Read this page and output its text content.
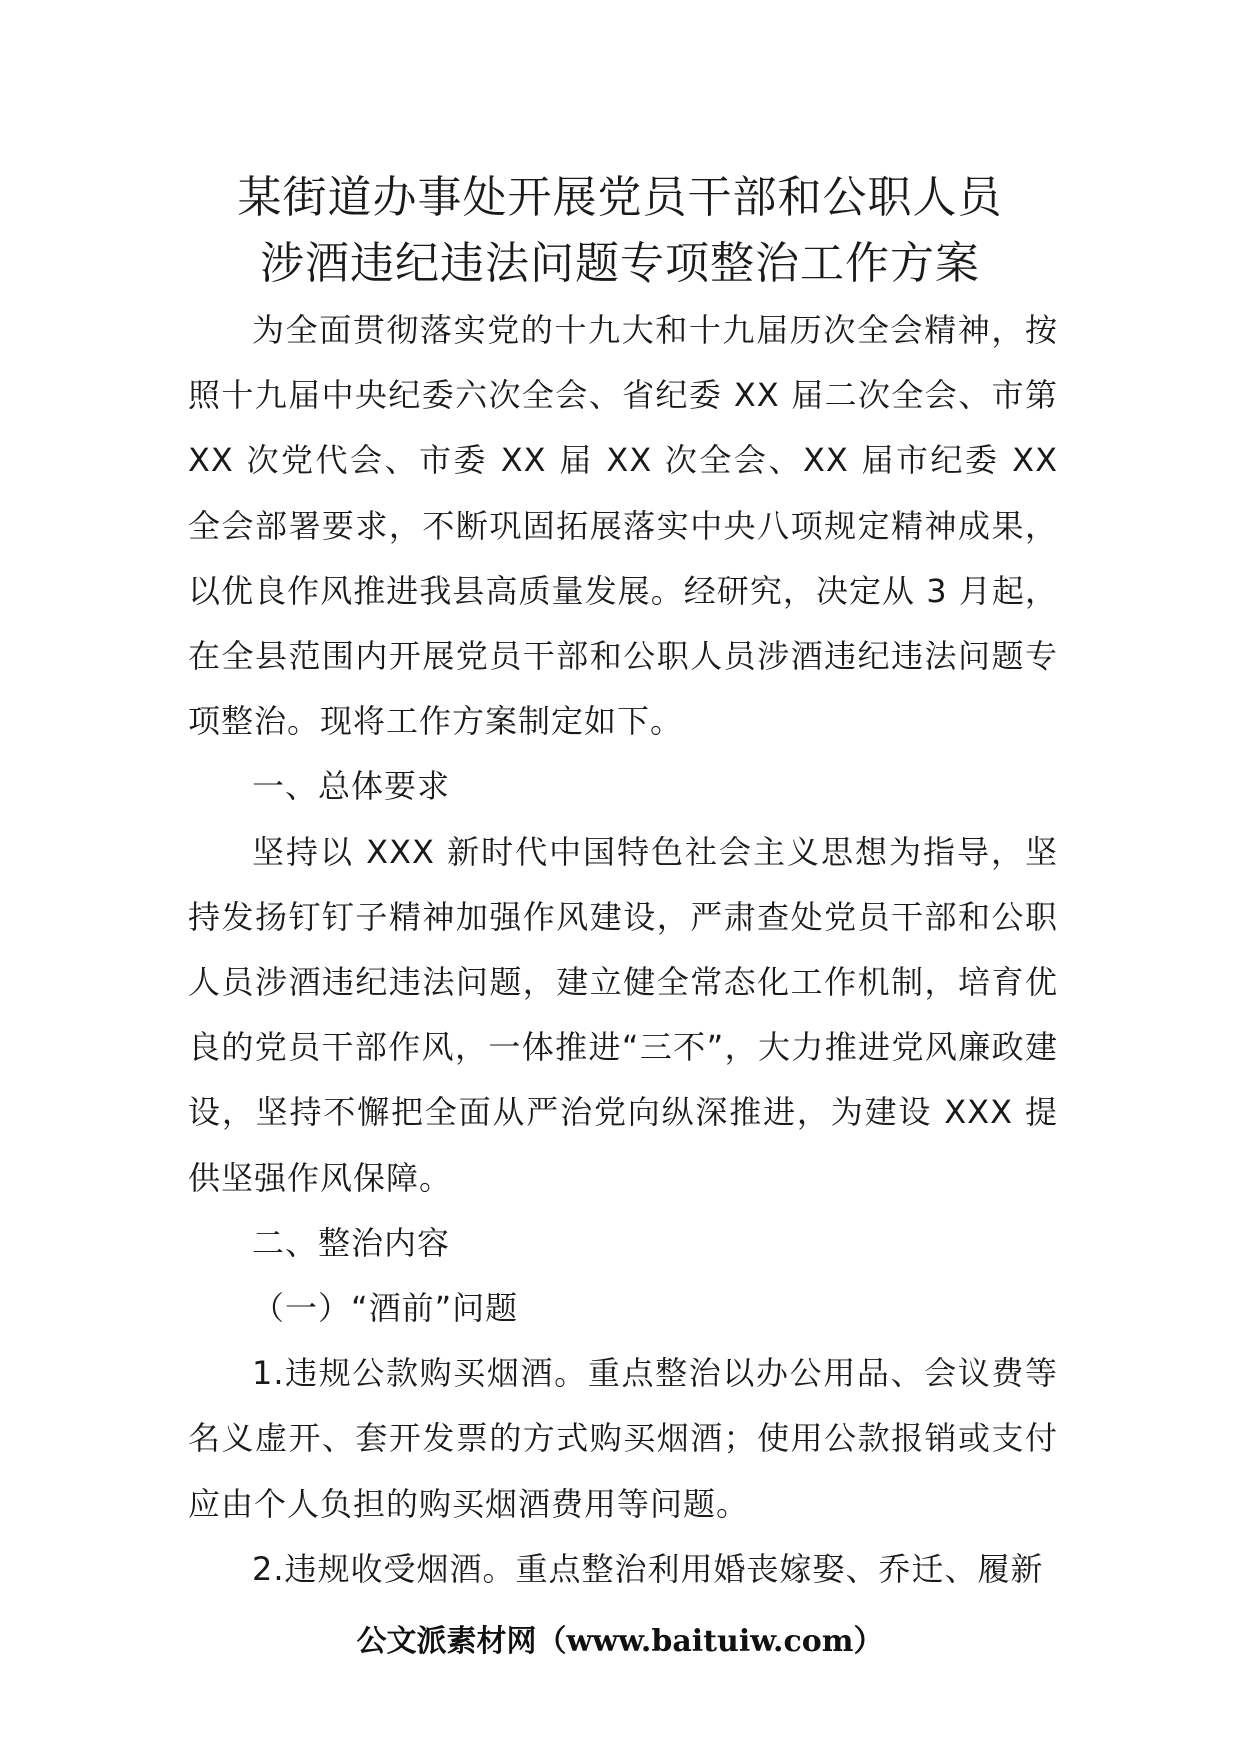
某街道办事处开展党员干部和公职人员
涉酒违纪违法问题专项整治工作方案

为全面贯彻落实党的十九大和十九届历次全会精神，按照十九届中央纪委六次全会、省纪委 XX 届二次全会、市第 XX 次党代会、市委 XX 届 XX 次全会、XX 届市纪委 XX 全会部署要求，不断巩固拓展落实中央八项规定精神成果，以优良作风推进我县高质量发展。经研究，决定从 3 月起，在全县范围内开展党员干部和公职人员涉酒违纪违法问题专项整治。现将工作方案制定如下。

一、总体要求

坚持以 XXX 新时代中国特色社会主义思想为指导，坚持发扬钉钉子精神加强作风建设，严肃查处党员干部和公职人员涉酒违纪违法问题，建立健全常态化工作机制，培育优良的党员干部作风，一体推进“三不”，大力推进党风廉政建设，坚持不懈把全面从严治党向纵深推进，为建设 XXX 提供坚强作风保障。

二、整治内容

（一）“酒前”问题

1.违规公款购买烟酒。重点整治以办公用品、会议费等名义虚开、套开发票的方式购买烟酒；使用公款报销或支付应由个人负担的购买烟酒费用等问题。

2.违规收受烟酒。重点整治利用婚丧嫁娶、乔迁、履新

公文派素材网（www.baituiw.com）
